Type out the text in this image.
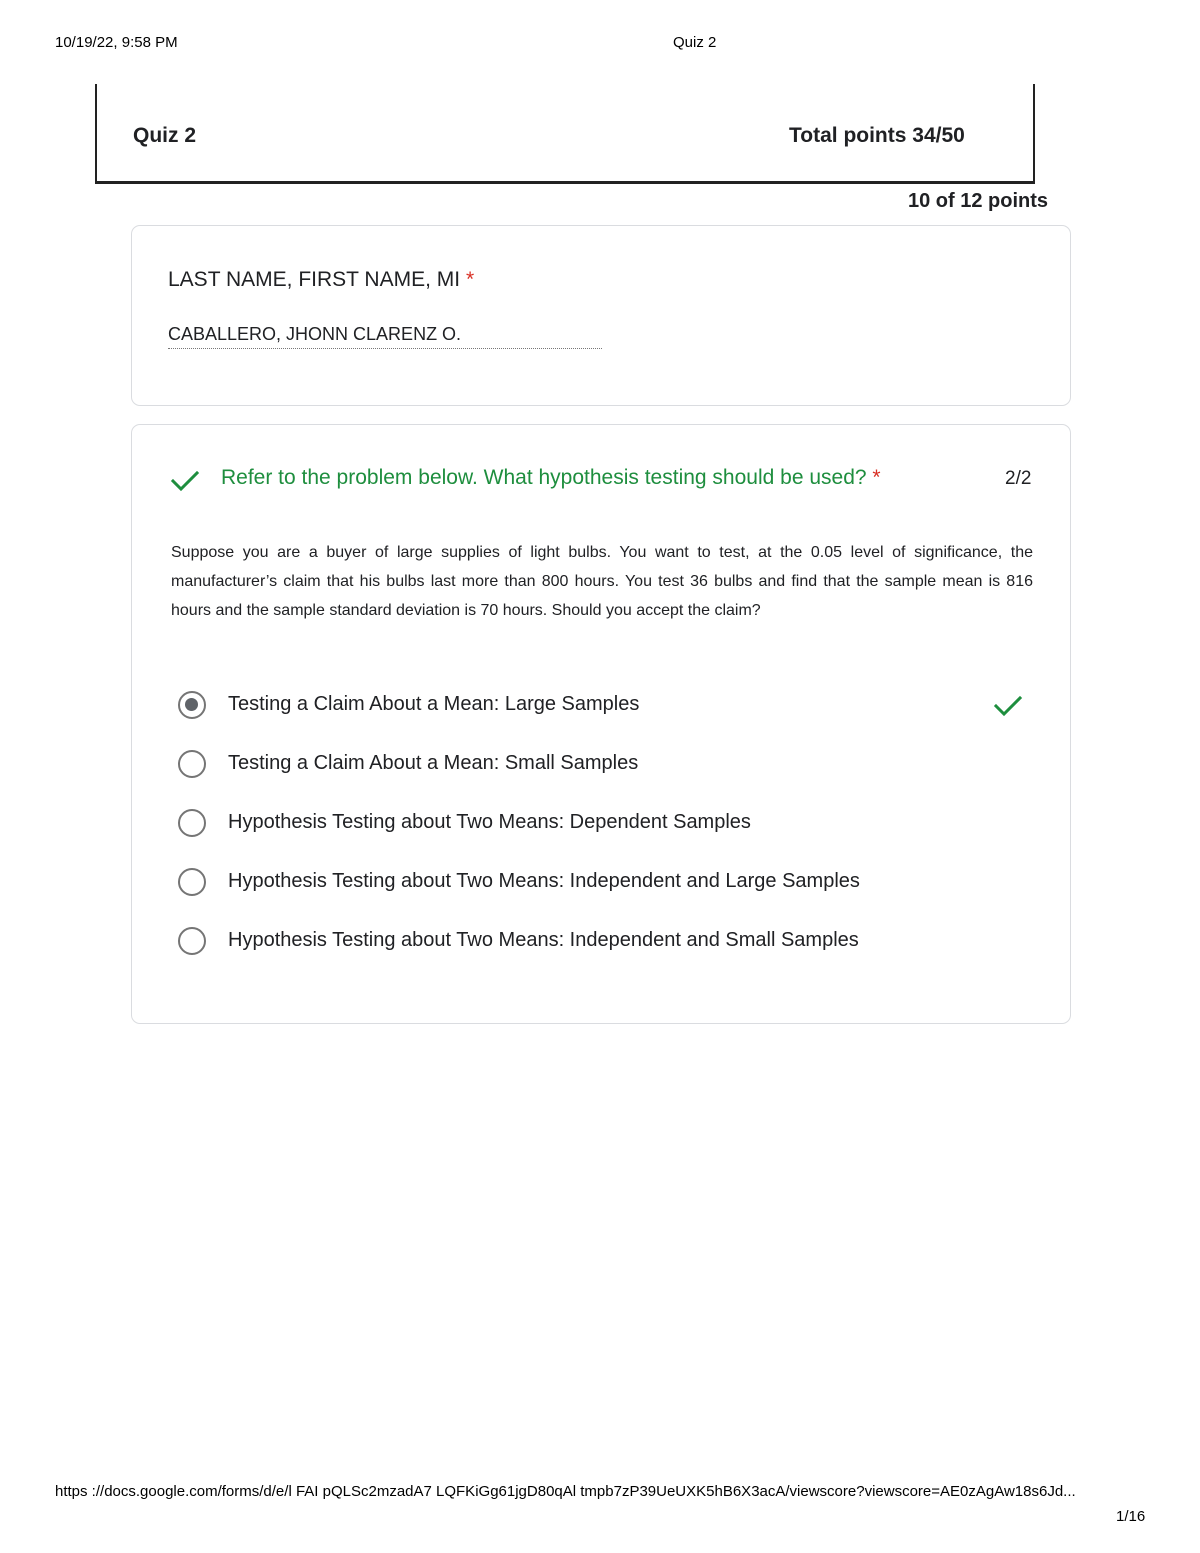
10/19/22, 9:58 PM	Quiz 2
Quiz 2	Total points 34/50
10 of 12 points
LAST NAME, FIRST NAME, MI *
CABALLERO, JHONN CLARENZ O.
Refer to the problem below. What hypothesis testing should be used? *	2/2
Suppose you are a buyer of large supplies of light bulbs. You want to test, at the 0.05 level of significance, the manufacturer’s claim that his bulbs last more than 800 hours. You test 36 bulbs and find that the sample mean is 816 hours and the sample standard deviation is 70 hours. Should you accept the claim?
Testing a Claim About a Mean: Large Samples
Testing a Claim About a Mean: Small Samples
Hypothesis Testing about Two Means: Dependent Samples
Hypothesis Testing about Two Means: Independent and Large Samples
Hypothesis Testing about Two Means: Independent and Small Samples
https ://docs.google.com/forms/d/e/l FAI pQLSc2mzadA7 LQFKiGg61jgD80qAl tmpb7zP39UeUXK5hB6X3acA/viewscore?viewscore=AE0zAgAw18s6Jd...
1/16
